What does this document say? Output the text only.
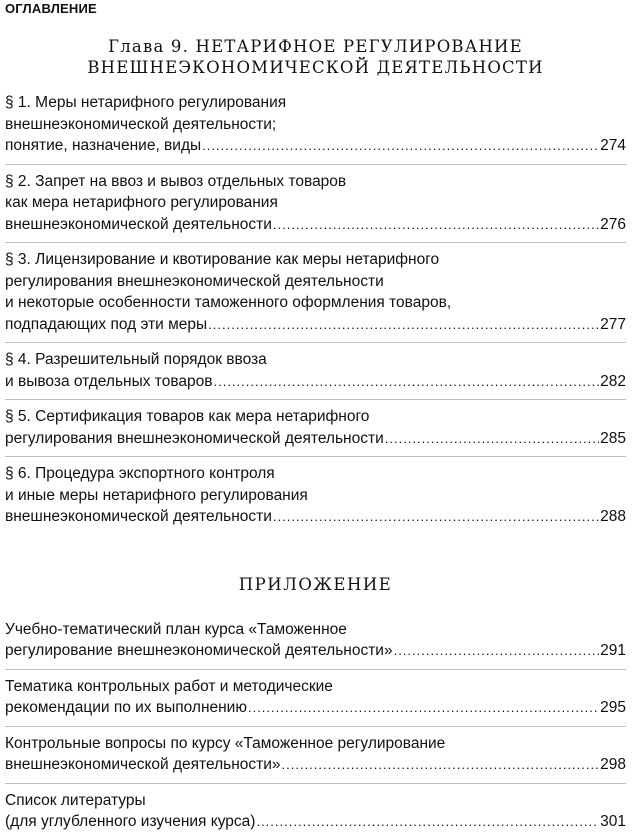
ОГЛАВЛЕНИЕ
Глава 9. НЕТАРИФНОЕ РЕГУЛИРОВАНИЕ
ВНЕШНЕЭКОНОМИЧЕСКОЙ ДЕЯТЕЛЬНОСТИ
§ 1. Меры нетарифного регулирования
внешнеэкономической деятельности;
понятие, назначение, виды .....	274
§ 2. Запрет на ввоз и вывоз отдельных товаров
как мера нетарифного регулирования
внешнеэкономической деятельности .....	276
§ 3. Лицензирование и квотирование как меры нетарифного
регулирования внешнеэкономической деятельности
и некоторые особенности таможенного оформления товаров,
подпадающих под эти меры .....	277
§ 4. Разрешительный порядок ввоза
и вывоза отдельных товаров .....	282
§ 5. Сертификация товаров как мера нетарифного
регулирования внешнеэкономической деятельности .....	285
§ 6. Процедура экспортного контроля
и иные меры нетарифного регулирования
внешнеэкономической деятельности .....	288
ПРИЛОЖЕНИЕ
Учебно-тематический план курса «Таможенное
регулирование внешнеэкономической деятельности» .....	291
Тематика контрольных работ и методические
рекомендации по их выполнению .....	295
Контрольные вопросы по курсу «Таможенное регулирование
внешнеэкономической деятельности» .....	298
Список литературы
(для углубленного изучения курса) .....	301
